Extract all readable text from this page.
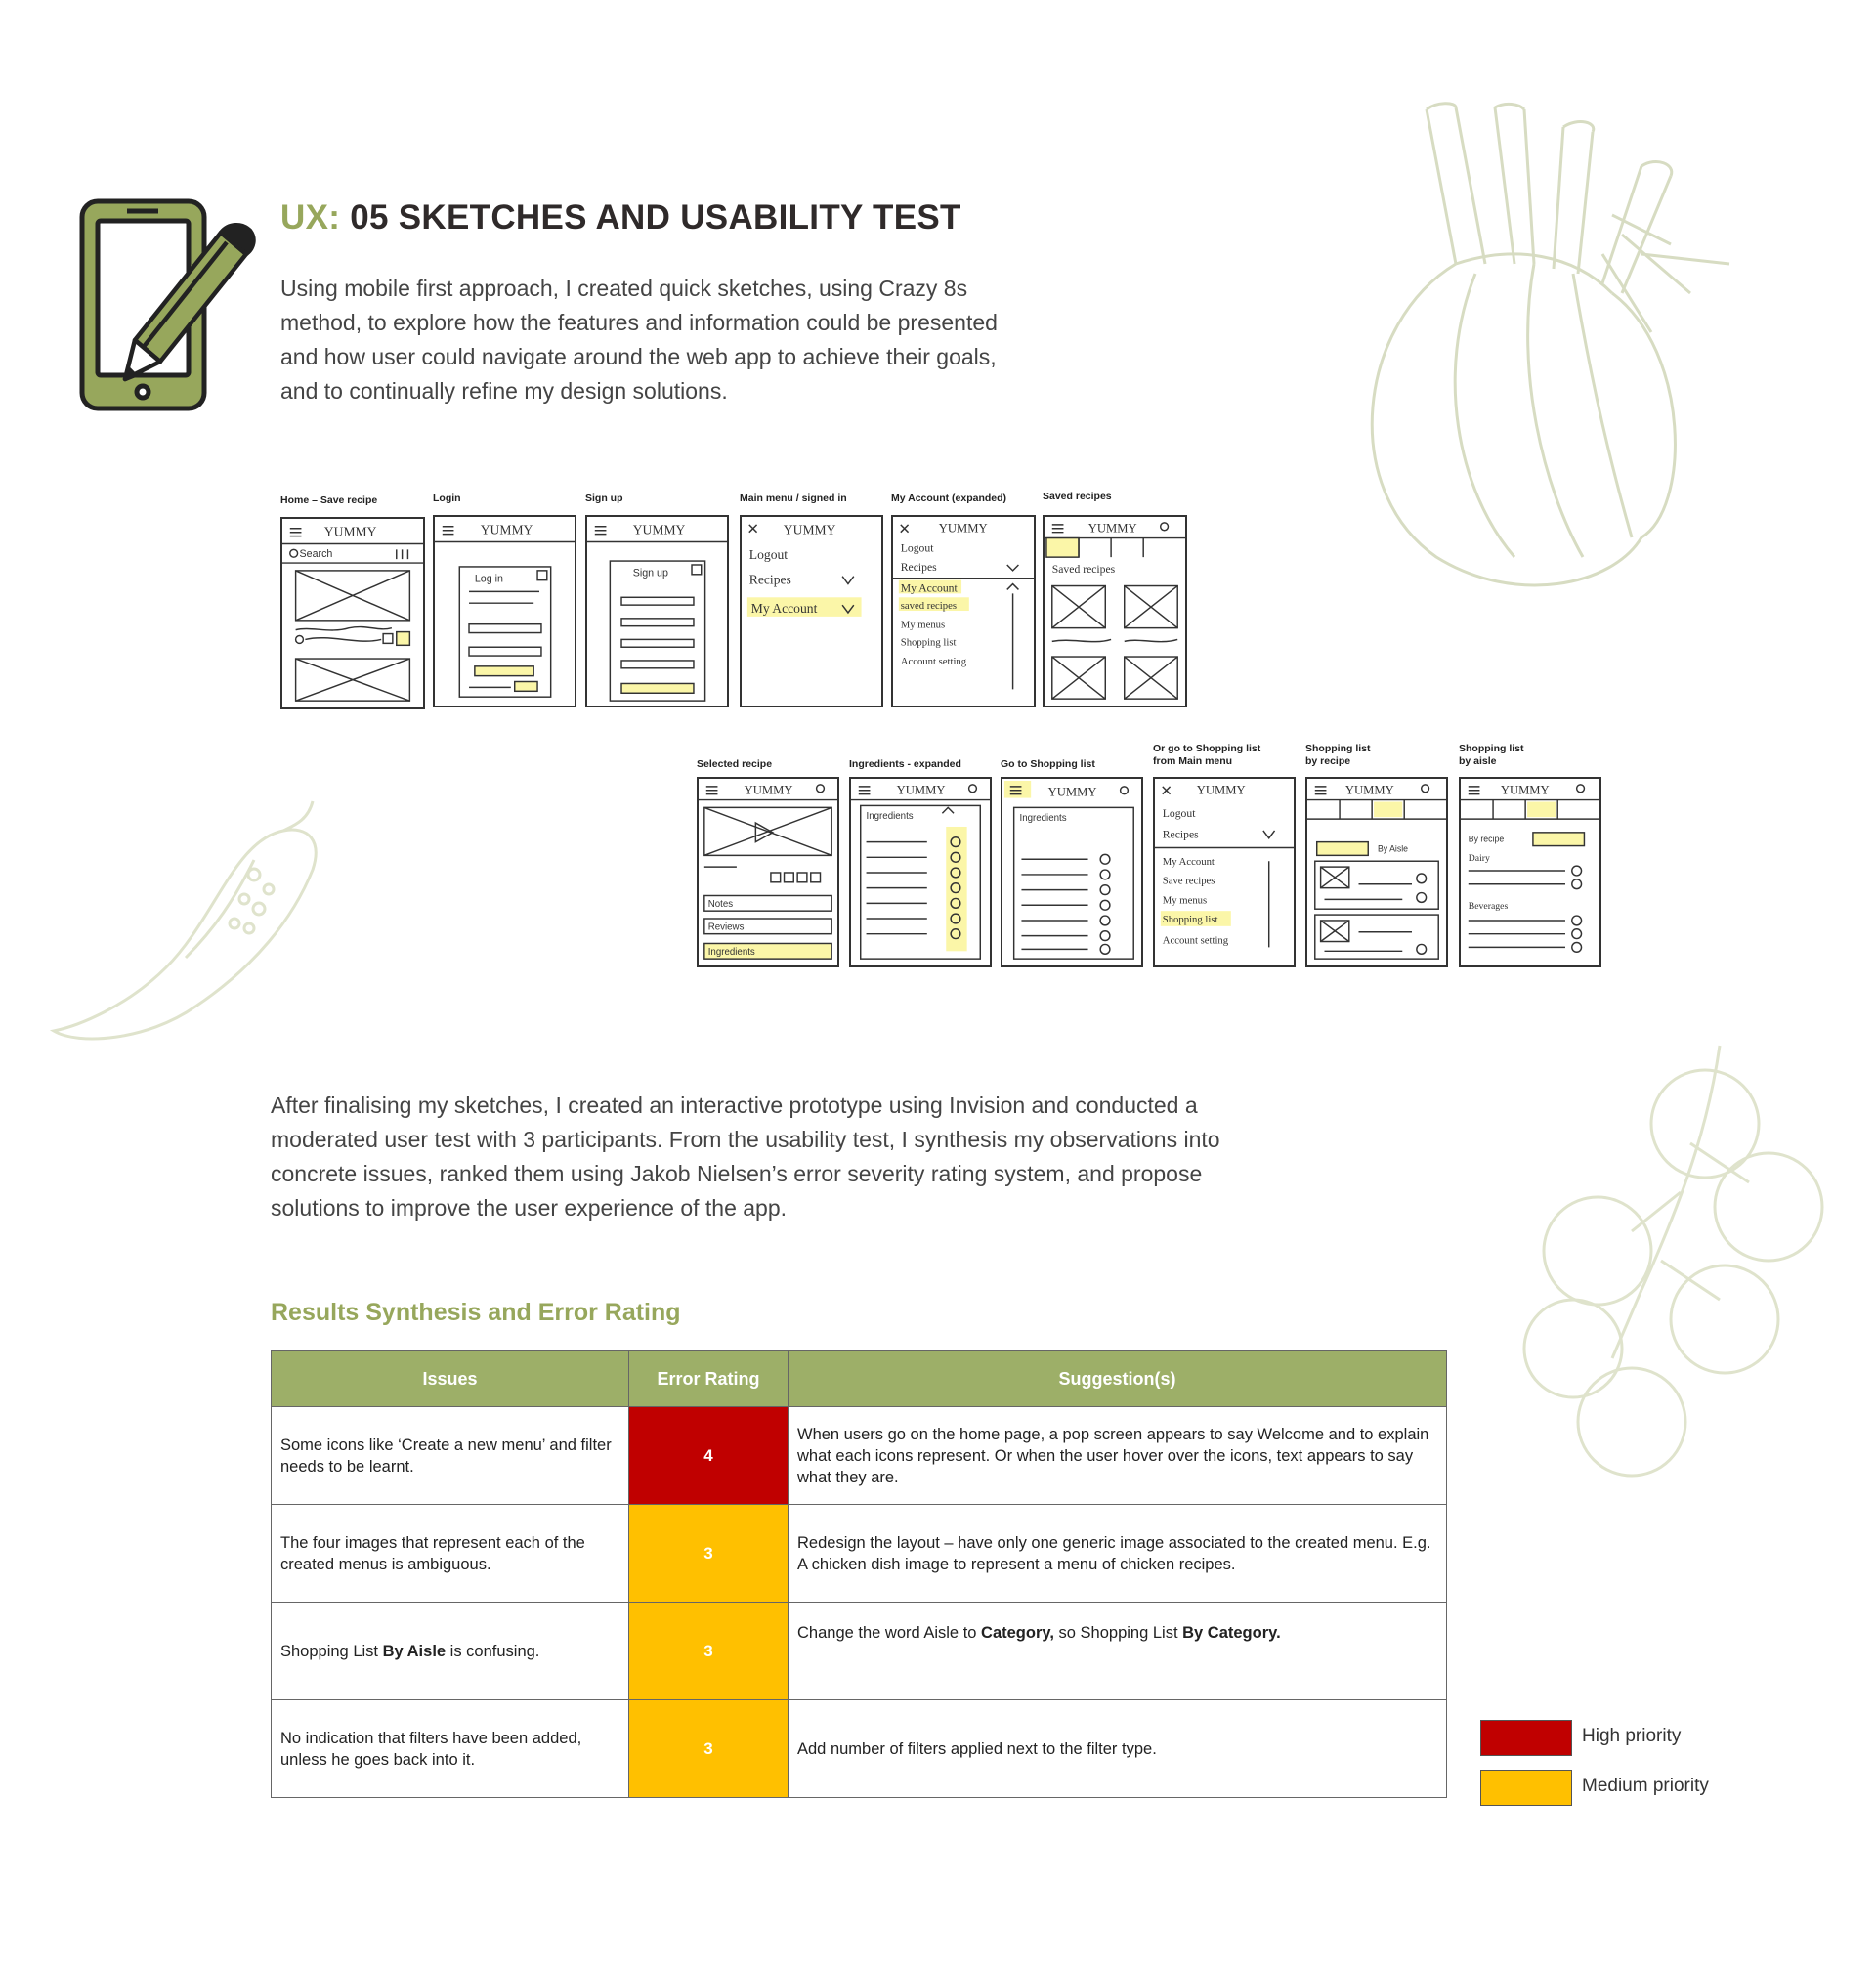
UX: 05 SKETCHES AND USABILITY TEST

Using mobile first approach, I created quick sketches, using Crazy 8s method, to explore how the features and information could be presented and how user could navigate around the web app to achieve their goals, and to continually refine my design solutions.

Home – Save recipe
YUMMY
Search
Login
YUMMY
Log in
Sign up
YUMMY
Sign up
Main menu / signed in
YUMMY
Logout
Recipes
My Account
My Account (expanded)
YUMMY
Logout
Recipes
My Account
saved recipes
My menus
Shopping list
Account setting
Saved recipes
YUMMY
Saved recipes
Selected recipe
YUMMY
Notes
Reviews
Ingredients
Ingredients - expanded
YUMMY
Ingredients
Go to Shopping list
YUMMY
Ingredients
Or go to Shopping list
from Main menu
YUMMY
Logout
Recipes
My Account
Save recipes
My menus
Shopping list
Account setting
Shopping list
by recipe
YUMMY
By Aisle
Shopping list
by aisle
YUMMY
By recipe
Dairy
Beverages

After finalising my sketches, I created an interactive prototype using Invision and conducted a moderated user test with 3 participants. From the usability test, I synthesis my observations into concrete issues, ranked them using Jakob Nielsen’s error severity rating system, and propose solutions to improve the user experience of the app.

Results Synthesis and Error Rating
Issues	Error Rating	Suggestion(s)
Some icons like ‘Create a new menu’ and filter needs to be learnt.	4	When users go on the home page, a pop screen appears to say Welcome and to explain what each icons represent. Or when the user hover over the icons, text appears to say what they are.
The four images that represent each of the created menus is ambiguous.	3	Redesign the layout – have only one generic image associated to the created menu. E.g. A chicken dish image to represent a menu of chicken recipes.
Shopping List By Aisle is confusing.	3	Change the word Aisle to Category, so Shopping List By Category.
No indication that filters have been added, unless he goes back into it.	3	Add number of filters applied next to the filter type.
High priority
Medium priority
